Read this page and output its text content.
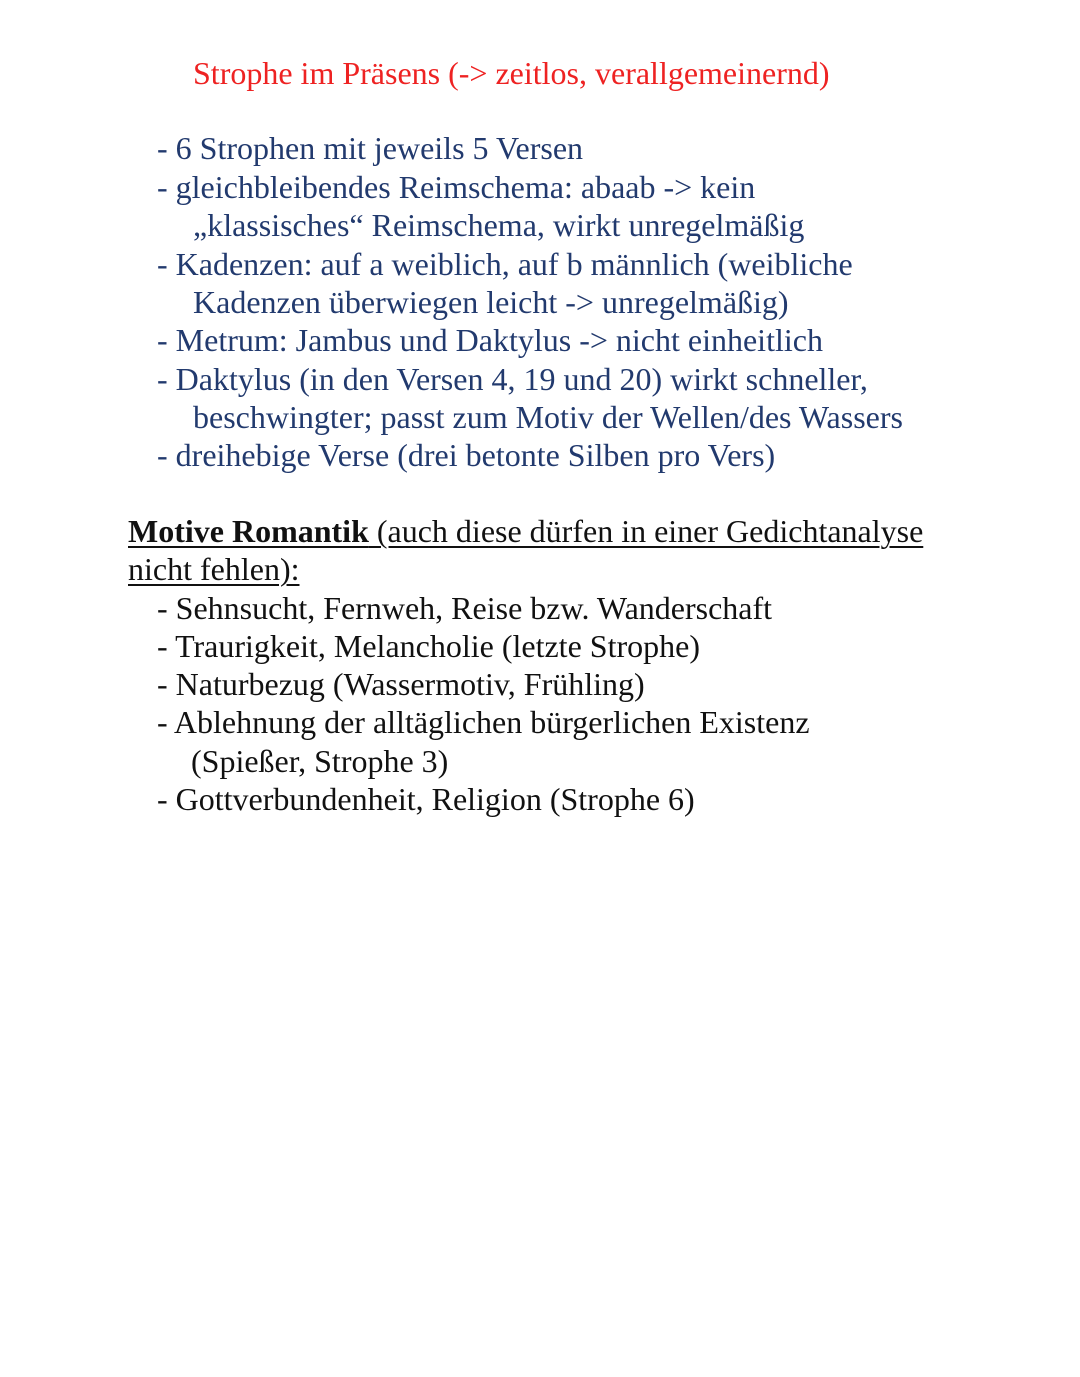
Strophe im Präsens (-> zeitlos, verallgemeinernd)

- 6 Strophen mit jeweils 5 Versen

- gleichbleibendes Reimschema: abaab -> kein

„klassisches“ Reimschema, wirkt unregelmäßig

- Kadenzen: auf a weiblich, auf b männlich (weibliche

Kadenzen überwiegen leicht -> unregelmäßig)

- Metrum: Jambus und Daktylus -> nicht einheitlich

- Daktylus (in den Versen 4, 19 und 20) wirkt schneller,

beschwingter; passt zum Motiv der Wellen/des Wassers

- dreihebige Verse (drei betonte Silben pro Vers)

Motive Romantik (auch diese dürfen in einer Gedichtanalyse

nicht fehlen):

- Sehnsucht, Fernweh, Reise bzw. Wanderschaft

- Traurigkeit, Melancholie (letzte Strophe)

- Naturbezug (Wassermotiv, Frühling)

- Ablehnung der alltäglichen bürgerlichen Existenz

(Spießer, Strophe 3)

- Gottverbundenheit, Religion (Strophe 6)
